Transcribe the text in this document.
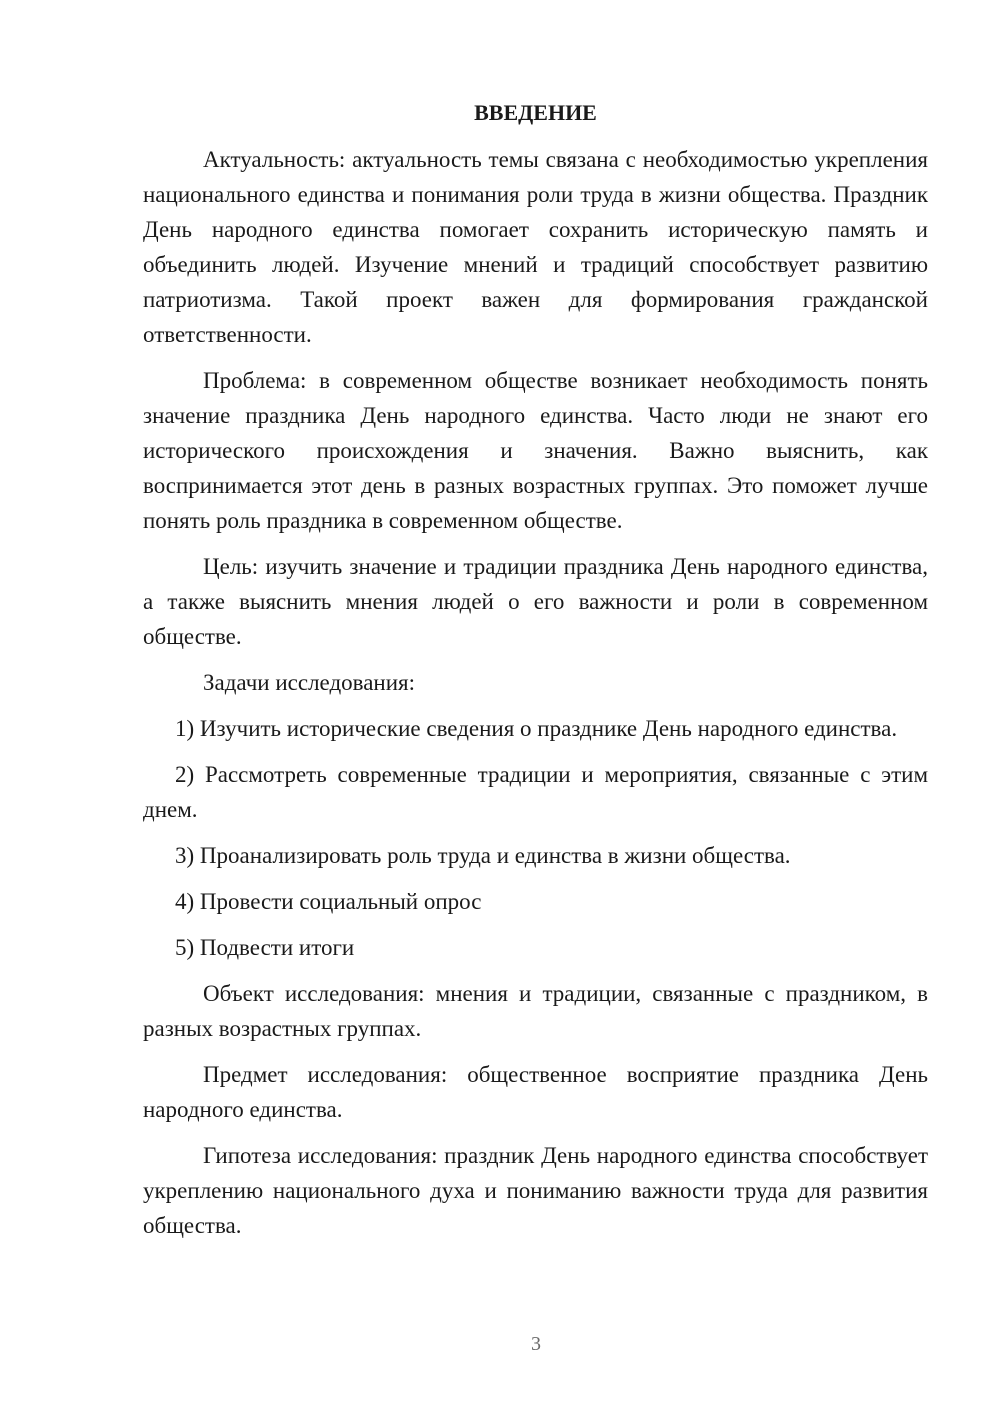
ВВЕДЕНИЕ

Актуальность: актуальность темы связана с необходимостью укрепления национального единства и понимания роли труда в жизни общества. Праздник День народного единства помогает сохранить историческую память и объединить людей. Изучение мнений и традиций способствует развитию патриотизма. Такой проект важен для формирования гражданской ответственности.

Проблема: в современном обществе возникает необходимость понять значение праздника День народного единства. Часто люди не знают его исторического происхождения и значения. Важно выяснить, как воспринимается этот день в разных возрастных группах. Это поможет лучше понять роль праздника в современном обществе.

Цель: изучить значение и традиции праздника День народного единства, а также выяснить мнения людей о его важности и роли в современном обществе.

Задачи исследования:

1) Изучить исторические сведения о празднике День народного единства.

2) Рассмотреть современные традиции и мероприятия, связанные с этим днем.

3) Проанализировать роль труда и единства в жизни общества.

4) Провести социальный опрос

5) Подвести итоги

Объект исследования: мнения и традиции, связанные с праздником, в разных возрастных группах.

Предмет исследования: общественное восприятие праздника День народного единства.

Гипотеза исследования: праздник День народного единства способствует укреплению национального духа и пониманию важности труда для развития общества.

3
